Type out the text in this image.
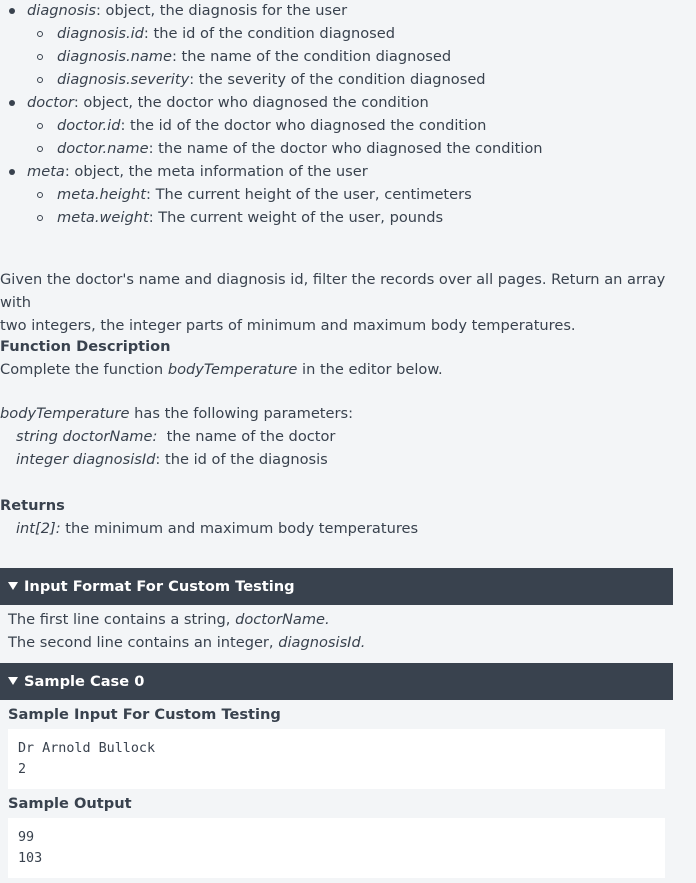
diagnosis: object, the diagnosis for the user
diagnosis.id: the id of the condition diagnosed
diagnosis.name: the name of the condition diagnosed
diagnosis.severity: the severity of the condition diagnosed
doctor: object, the doctor who diagnosed the condition
doctor.id: the id of the doctor who diagnosed the condition
doctor.name: the name of the doctor who diagnosed the condition
meta: object, the meta information of the user
meta.height: The current height of the user, centimeters
meta.weight: The current weight of the user, pounds
Given the doctor's name and diagnosis id, filter the records over all pages. Return an array with
two integers, the integer parts of minimum and maximum body temperatures.
Function Description
Complete the function bodyTemperature in the editor below.
bodyTemperature has the following parameters:
string doctorName:  the name of the doctor
integer diagnosisId: the id of the diagnosis
Returns
int[2]: the minimum and maximum body temperatures
Input Format For Custom Testing
The first line contains a string, doctorName.
The second line contains an integer, diagnosisId.
Sample Case 0
Sample Input For Custom Testing
Dr Arnold Bullock
2
Sample Output
99
103
